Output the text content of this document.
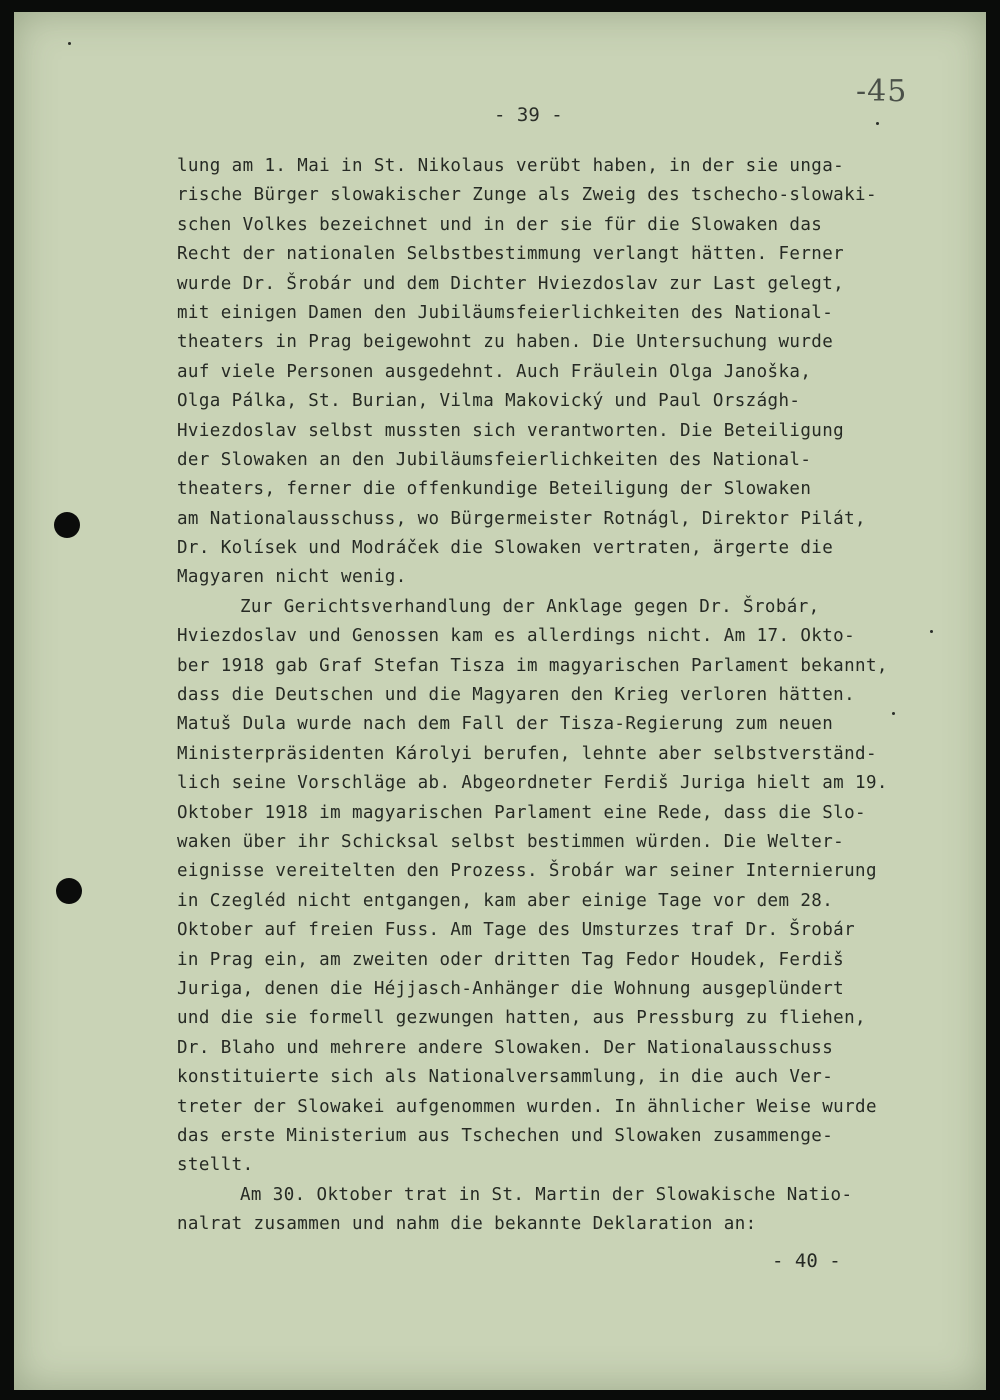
-45
- 39 -
lung am 1. Mai in St. Nikolaus verübt haben, in der sie unga-
rische Bürger slowakischer Zunge als Zweig des tschecho-slowaki-
schen Volkes bezeichnet und in der sie für die Slowaken das
Recht der nationalen Selbstbestimmung verlangt hätten. Ferner
wurde Dr. Šrobár und dem Dichter Hviezdoslav zur Last gelegt,
mit einigen Damen den Jubiläumsfeierlichkeiten des National-
theaters in Prag beigewohnt zu haben. Die Untersuchung wurde
auf viele Personen ausgedehnt. Auch Fräulein Olga Janoška,
Olga Pálka, St. Burian, Vilma Makovický und Paul Országh-
Hviezdoslav selbst mussten sich verantworten. Die Beteiligung
der Slowaken an den Jubiläumsfeierlichkeiten des National-
theaters, ferner die offenkundige Beteiligung der Slowaken
am Nationalausschuss, wo Bürgermeister Rotnágl, Direktor Pilát,
Dr. Kolísek und Modráček die Slowaken vertraten, ärgerte die
Magyaren nicht wenig.
Zur Gerichtsverhandlung der Anklage gegen Dr. Šrobár,
Hviezdoslav und Genossen kam es allerdings nicht. Am 17. Okto-
ber 1918 gab Graf Stefan Tisza im magyarischen Parlament bekannt,
dass die Deutschen und die Magyaren den Krieg verloren hätten.
Matuš Dula wurde nach dem Fall der Tisza-Regierung zum neuen
Ministerpräsidenten Károlyi berufen, lehnte aber selbstverständ-
lich seine Vorschläge ab. Abgeordneter Ferdiš Juriga hielt am 19.
Oktober 1918 im magyarischen Parlament eine Rede, dass die Slo-
waken über ihr Schicksal selbst bestimmen würden. Die Welter-
eignisse vereitelten den Prozess. Šrobár war seiner Internierung
in Czegléd nicht entgangen, kam aber einige Tage vor dem 28.
Oktober auf freien Fuss. Am Tage des Umsturzes traf Dr. Šrobár
in Prag ein, am zweiten oder dritten Tag Fedor Houdek, Ferdiš
Juriga, denen die Héjjasch-Anhänger die Wohnung ausgeplündert
und die sie formell gezwungen hatten, aus Pressburg zu fliehen,
Dr. Blaho und mehrere andere Slowaken. Der Nationalausschuss
konstituierte sich als Nationalversammlung, in die auch Ver-
treter der Slowakei aufgenommen wurden. In ähnlicher Weise wurde
das erste Ministerium aus Tschechen und Slowaken zusammenge-
stellt.
Am 30. Oktober trat in St. Martin der Slowakische Natio-
nalrat zusammen und nahm die bekannte Deklaration an:
- 40 -
